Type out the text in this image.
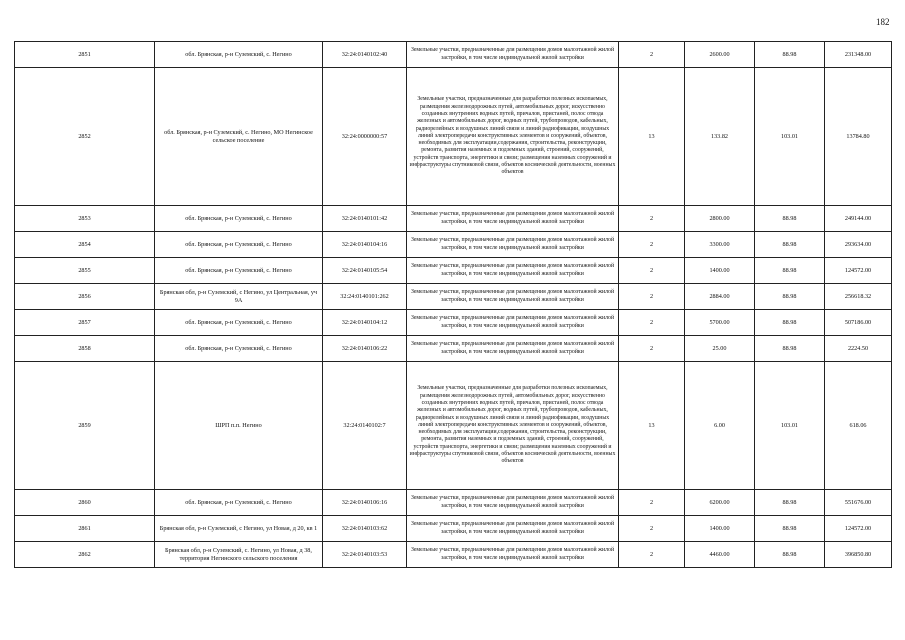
182
2851	обл. Брянская, р-н Суземский, с. Негино	32:24:0140102:40	Земельные участки, предназначенные для размещения домов малоэтажной жилой застройки, в том числе индивидуальной жилой застройки	2	2600.00	88.98	231348.00
2852	обл. Брянская, р-н Суземский, с. Негино, МО Негинское сельское поселение	32:24:0000000:57	Земельные участки, предназначенные для разработки полезных ископаемых, размещения железнодорожных путей, автомобильных дорог, искусственно созданных внутренних водных путей, причалов, пристаней, полос отвода железных и автомобильных дорог, водных путей, трубопроводов, кабельных, радиорелейных и воздушных линий связи и линий радиофикации, воздушных линий электропередачи конструктивных элементов и сооружений, объектов, необходимых для эксплуатации,содержания, строительства, реконструкции, ремонта, развития наземных и подземных зданий, строений, сооружений, устройств транспорта, энергетики и связи; размещения наземных сооружений и инфраструктуры спутниковой связи, объектов космической деятельности, военных объектов	13	133.82	103.01	13784.80
2853	обл. Брянская, р-н Суземский, с. Негино	32:24:0140101:42	Земельные участки, предназначенные для размещения домов малоэтажной жилой застройки, в том числе индивидуальной жилой застройки	2	2800.00	88.98	249144.00
2854	обл. Брянская, р-н Суземский, с. Негино	32:24:0140104:16	Земельные участки, предназначенные для размещения домов малоэтажной жилой застройки, в том числе индивидуальной жилой застройки	2	3300.00	88.98	293634.00
2855	обл. Брянская, р-н Суземский, с. Негино	32:24:0140105:54	Земельные участки, предназначенные для размещения домов малоэтажной жилой застройки, в том числе индивидуальной жилой застройки	2	1400.00	88.98	124572.00
2856	Брянская обл, р-н Суземский, с Негино, ул Центральная, уч 9А	32:24:0140101:262	Земельные участки, предназначенные для размещения домов малоэтажной жилой застройки, в том числе индивидуальной жилой застройки	2	2884.00	88.98	256618.32
2857	обл. Брянская, р-н Суземский, с. Негино	32:24:0140104:12	Земельные участки, предназначенные для размещения домов малоэтажной жилой застройки, в том числе индивидуальной жилой застройки	2	5700.00	88.98	507186.00
2858	обл. Брянская, р-н Суземский, с. Негино	32:24:0140106:22	Земельные участки, предназначенные для размещения домов малоэтажной жилой застройки, в том числе индивидуальной жилой застройки	2	25.00	88.98	2224.50
2859	ШРП п.п. Негино	32:24:0140102:7	Земельные участки, предназначенные для разработки полезных ископаемых, размещения железнодорожных путей, автомобильных дорог, искусственно созданных внутренних водных путей, причалов, пристаней, полос отвода железных и автомобильных дорог, водных путей, трубопроводов, кабельных, радиорелейных и воздушных линий связи и линий радиофикации, воздушных линий электропередачи конструктивных элементов и сооружений, объектов, необходимых для эксплуатации,содержания, строительства, реконструкции, ремонта, развития наземных и подземных зданий, строений, сооружений, устройств транспорта, энергетики и связи; размещения наземных сооружений и инфраструктуры спутниковой связи, объектов космической деятельности, военных объектов	13	6.00	103.01	618.06
2860	обл. Брянская, р-н Суземский, с. Негино	32:24:0140106:16	Земельные участки, предназначенные для размещения домов малоэтажной жилой застройки, в том числе индивидуальной жилой застройки	2	6200.00	88.98	551676.00
2861	Брянская обл, р-н Суземский, с Негино, ул Новая, д 20, кв 1	32:24:0140103:62	Земельные участки, предназначенные для размещения домов малоэтажной жилой застройки, в том числе индивидуальной жилой застройки	2	1400.00	88.98	124572.00
2862	Брянская обл, р-н Суземский, с. Негино, ул Новая, д 38, территория Негинского сельского поселения	32:24:0140103:53	Земельные участки, предназначенные для размещения домов малоэтажной жилой застройки, в том числе индивидуальной жилой застройки	2	4460.00	88.98	396850.80
